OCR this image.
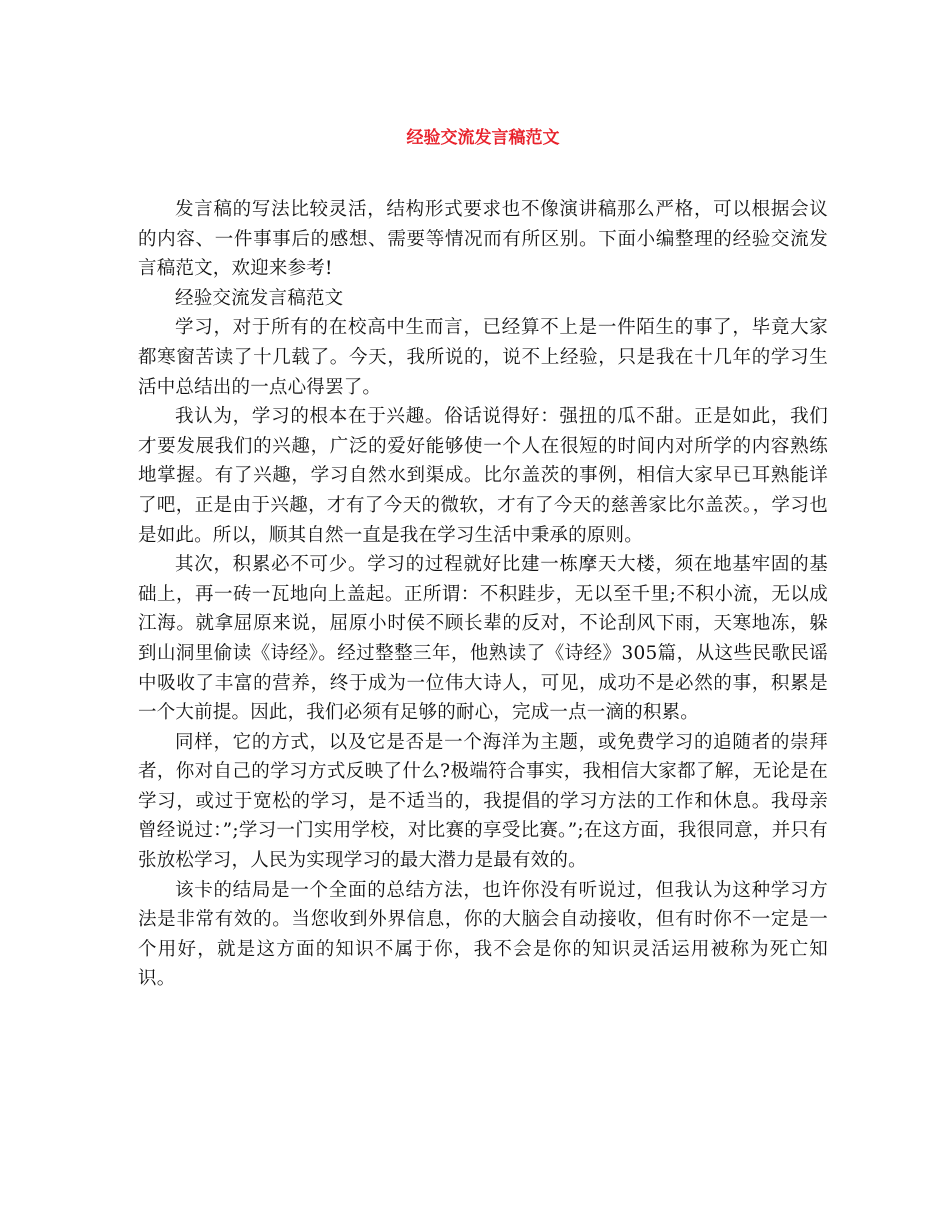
经验交流发言稿范文

发言稿的写法比较灵活，结构形式要求也不像演讲稿那么严格，可以根据会议的内容、一件事事后的感想、需要等情况而有所区别。下面小编整理的经验交流发言稿范文，欢迎来参考!

经验交流发言稿范文

学习，对于所有的在校高中生而言，已经算不上是一件陌生的事了，毕竟大家都寒窗苦读了十几载了。今天，我所说的，说不上经验，只是我在十几年的学习生活中总结出的一点心得罢了。

我认为，学习的根本在于兴趣。俗话说得好：强扭的瓜不甜。正是如此，我们才要发展我们的兴趣，广泛的爱好能够使一个人在很短的时间内对所学的内容熟练地掌握。有了兴趣，学习自然水到渠成。比尔盖茨的事例，相信大家早已耳熟能详了吧，正是由于兴趣，才有了今天的微软，才有了今天的慈善家比尔盖茨。，学习也是如此。所以，顺其自然一直是我在学习生活中秉承的原则。

其次，积累必不可少。学习的过程就好比建一栋摩天大楼，须在地基牢固的基础上，再一砖一瓦地向上盖起。正所谓：不积跬步，无以至千里;不积小流，无以成江海。就拿屈原来说，屈原小时侯不顾长辈的反对，不论刮风下雨，天寒地冻，躲到山洞里偷读《诗经》。经过整整三年，他熟读了《诗经》305篇，从这些民歌民谣中吸收了丰富的营养，终于成为一位伟大诗人，可见，成功不是必然的事，积累是一个大前提。因此，我们必须有足够的耐心，完成一点一滴的积累。

同样，它的方式，以及它是否是一个海洋为主题，或免费学习的追随者的崇拜者，你对自己的学习方式反映了什么?极端符合事实，我相信大家都了解，无论是在学习，或过于宽松的学习，是不适当的，我提倡的学习方法的工作和休息。我母亲曾经说过：”;学习一门实用学校，对比赛的享受比赛。”;在这方面，我很同意，并只有张放松学习，人民为实现学习的最大潜力是最有效的。

该卡的结局是一个全面的总结方法，也许你没有听说过，但我认为这种学习方法是非常有效的。当您收到外界信息，你的大脑会自动接收，但有时你不一定是一个用好，就是这方面的知识不属于你，我不会是你的知识灵活运用被称为死亡知识。
